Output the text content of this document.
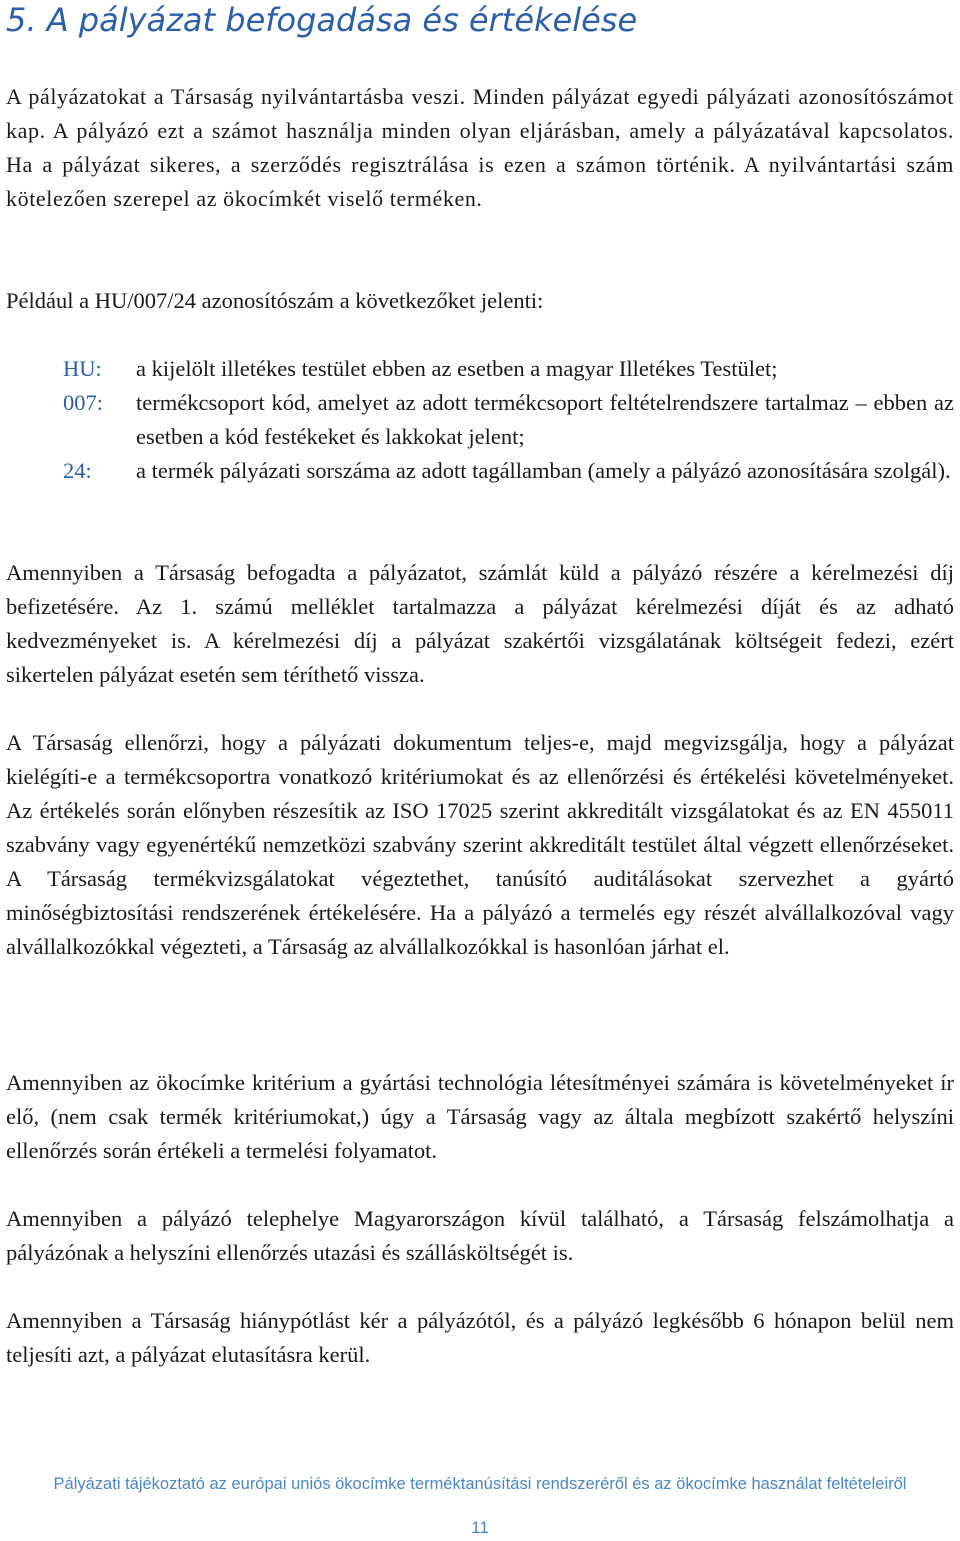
5. A pályázat befogadása és értékelése

A pályázatokat a Társaság nyilvántartásba veszi. Minden pályázat egyedi pályázati azonosítószámot kap. A pályázó ezt a számot használja minden olyan eljárásban, amely a pályázatával kapcsolatos. Ha a pályázat sikeres, a szerződés regisztrálása is ezen a számon történik. A nyilvántartási szám kötelezően szerepel az ökocímkét viselő terméken.

Például a HU/007/24 azonosítószám a következőket jelenti:

HU:	a kijelölt illetékes testület ebben az esetben a magyar Illetékes Testület;
007:	termékcsoport kód, amelyet az adott termékcsoport feltételrendszere tartalmaz – ebben az esetben a kód festékeket és lakkokat jelent;
24:	a termék pályázati sorszáma az adott tagállamban (amely a pályázó azonosítására szolgál).

Amennyiben a Társaság befogadta a pályázatot, számlát küld a pályázó részére a kérelmezési díj befizetésére. Az 1. számú melléklet tartalmazza a pályázat kérelmezési díját és az adható kedvezményeket is. A kérelmezési díj a pályázat szakértői vizsgálatának költségeit fedezi, ezért sikertelen pályázat esetén sem téríthető vissza.

A Társaság ellenőrzi, hogy a pályázati dokumentum teljes-e, majd megvizsgálja, hogy a pályázat kielégíti-e a termékcsoportra vonatkozó kritériumokat és az ellenőrzési és értékelési követelményeket. Az értékelés során előnyben részesítik az ISO 17025 szerint akkreditált vizsgálatokat és az EN 455011 szabvány vagy egyenértékű nemzetközi szabvány szerint akkreditált testület által végzett ellenőrzéseket. A Társaság termékvizsgálatokat végeztethet, tanúsító auditálásokat szervezhet a gyártó minőségbiztosítási rendszerének értékelésére. Ha a pályázó a termelés egy részét alvállalkozóval vagy alvállalkozókkal végezteti, a Társaság az alvállalkozókkal is hasonlóan járhat el.

Amennyiben az ökocímke kritérium a gyártási technológia létesítményei számára is követelményeket ír elő, (nem csak termék kritériumokat,) úgy a Társaság vagy az általa megbízott szakértő helyszíni ellenőrzés során értékeli a termelési folyamatot.

Amennyiben a pályázó telephelye Magyarországon kívül található, a Társaság felszámolhatja a pályázónak a helyszíni ellenőrzés utazási és szállásköltségét is.

Amennyiben a Társaság hiánypótlást kér a pályázótól, és a pályázó legkésőbb 6 hónapon belül nem teljesíti azt, a pályázat elutasításra kerül.

Pályázati tájékoztató az európai uniós ökocímke terméktanúsítási rendszeréről és az ökocímke használat feltételeiről
11
